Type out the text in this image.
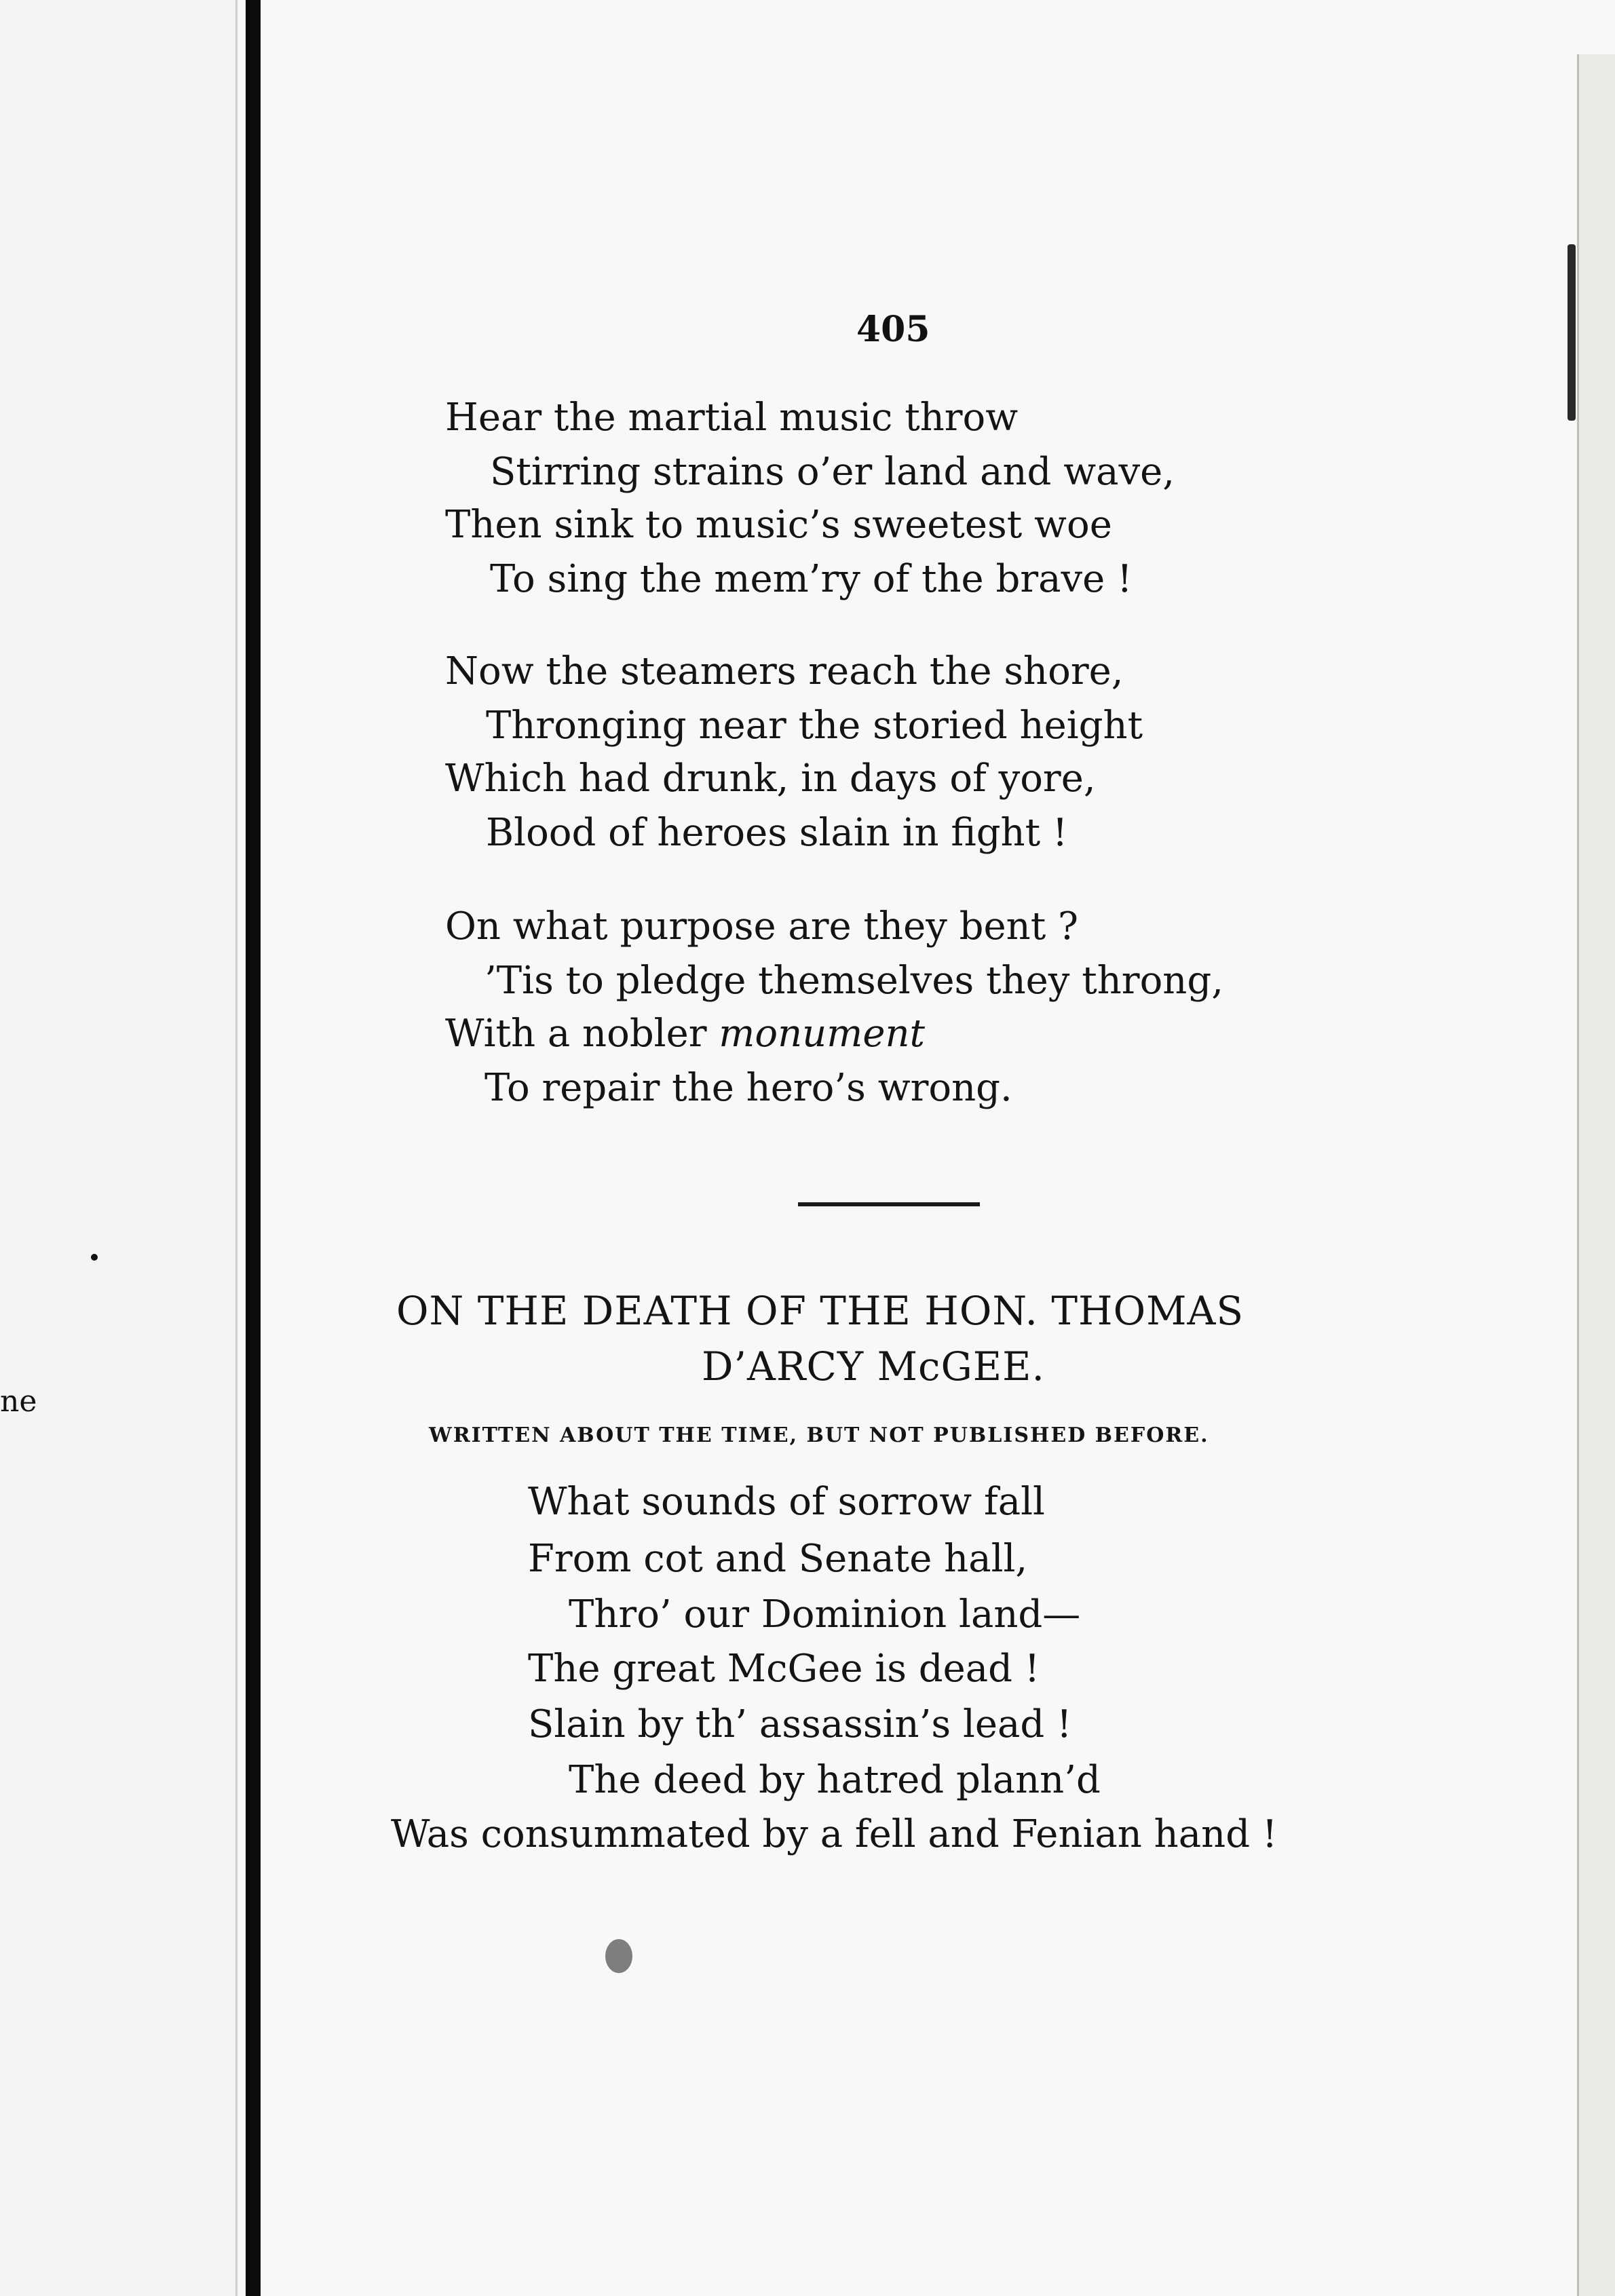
ne
405
Hear the martial music throw
Stirring strains o’er land and wave,
Then sink to music’s sweetest woe
To sing the mem’ry of the brave !
Now the steamers reach the shore,
Thronging near the storied height
Which had drunk, in days of yore,
Blood of heroes slain in fight !
On what purpose are they bent ?
’Tis to pledge themselves they throng,
With a nobler monument
To repair the hero’s wrong.
ON THE DEATH OF THE HON. THOMAS
D’ARCY McGEE.
WRITTEN ABOUT THE TIME, BUT NOT PUBLISHED BEFORE.
What sounds of sorrow fall
From cot and Senate hall,
Thro’ our Dominion land—
The great McGee is dead !
Slain by th’ assassin’s lead !
The deed by hatred plann’d
Was consummated by a fell and Fenian hand !
